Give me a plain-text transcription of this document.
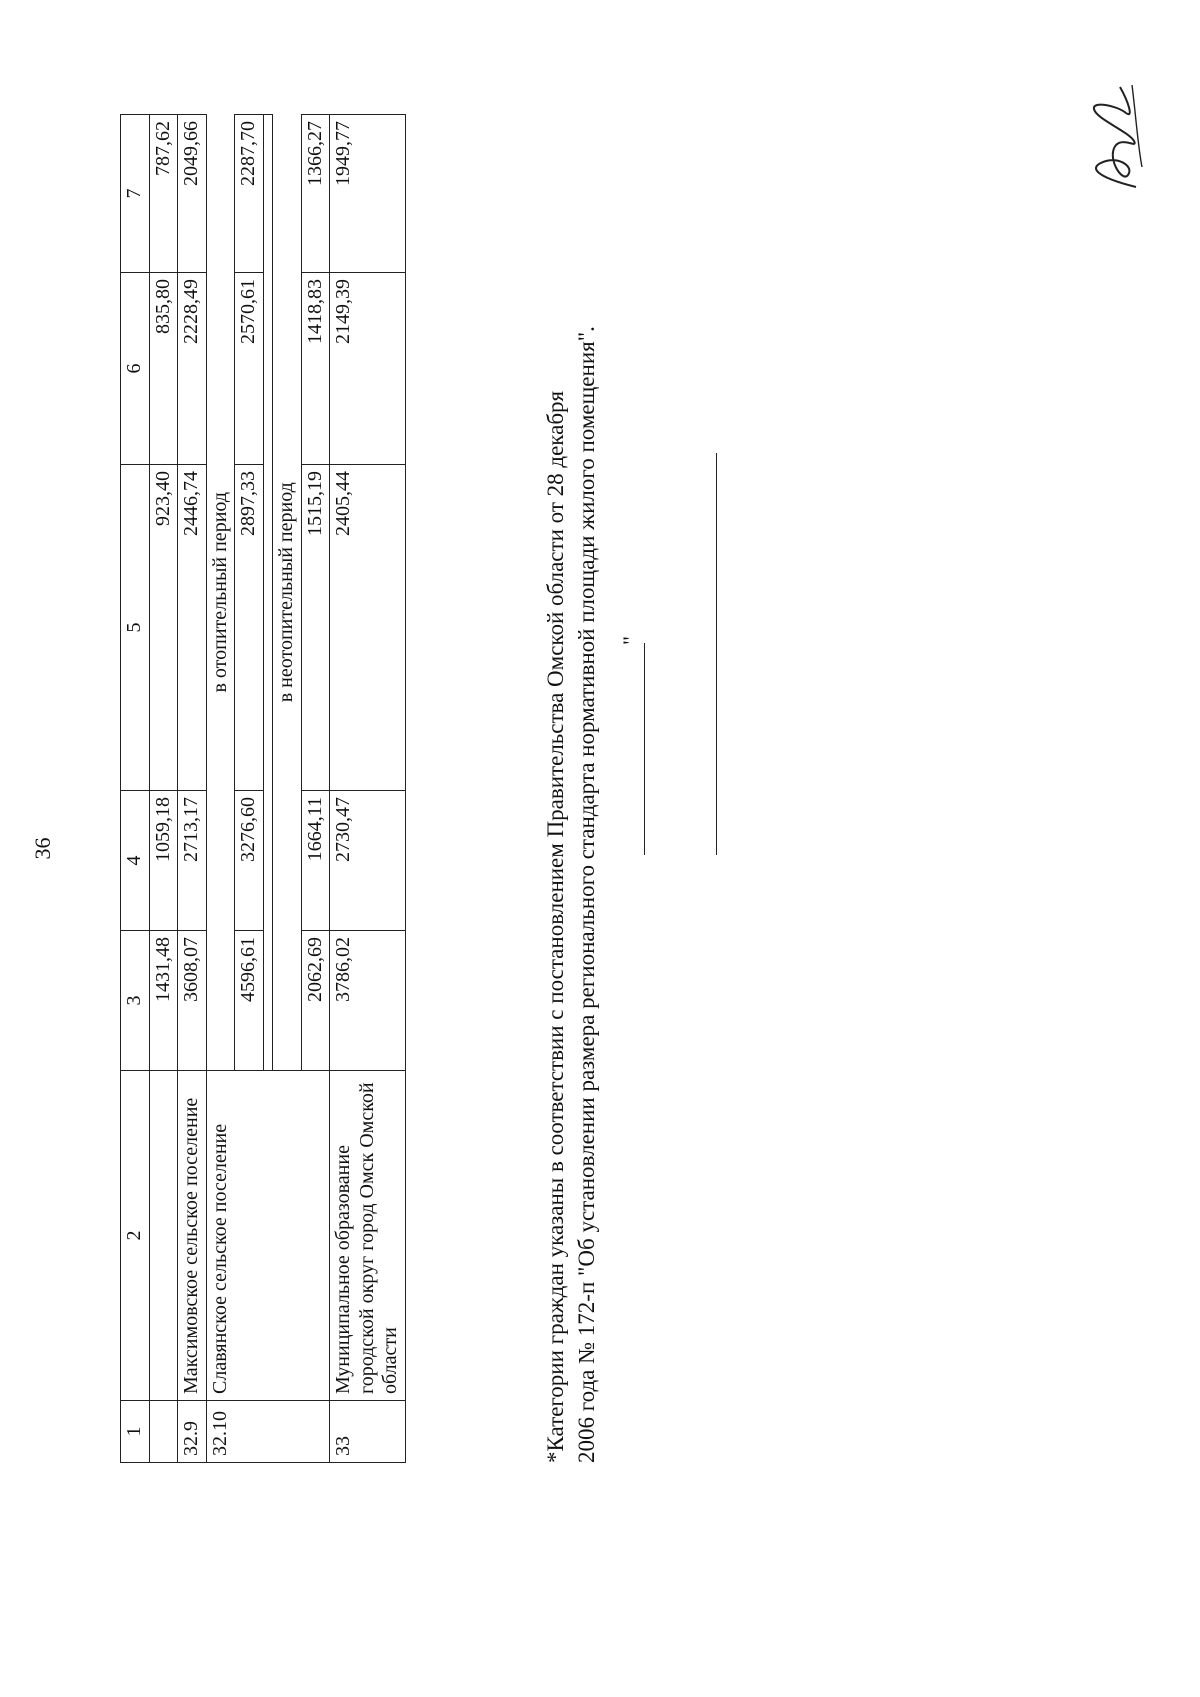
36
1	2	3	4	5	6	7
		1431,48	1059,18	923,40	835,80	787,62
32.9	Максимовское сельское поселение	3608,07	2713,17	2446,74	2228,49	2049,66
32.10	Славянское сельское поселение	в отопительный период				
		4596,61	3276,60	2897,33	2570,61	2287,70

		в неотопительный период				
		2062,69	1664,11	1515,19	1418,83	1366,27
33	Муниципальное образование городской округ город Омск Омской области	3786,02	2730,47	2405,44	2149,39	1949,77
*Категории граждан указаны в соответствии с постановлением Правительства Омской области от 28 декабря 2006 года № 172-п "Об установлении размера регионального стандарта нормативной площади жилого помещения". "
